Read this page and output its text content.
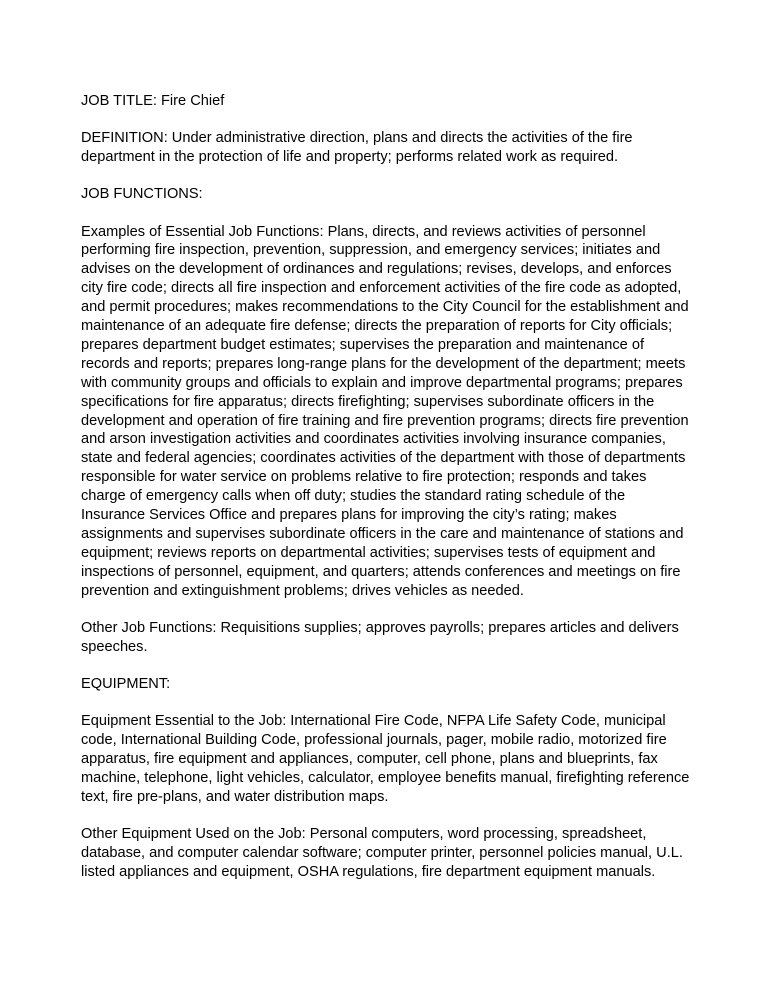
JOB TITLE: Fire Chief

DEFINITION: Under administrative direction, plans and directs the activities of the fire department in the protection of life and property; performs related work as required.

JOB FUNCTIONS:

Examples of Essential Job Functions: Plans, directs, and reviews activities of personnel performing fire inspection, prevention, suppression, and emergency services; initiates and advises on the development of ordinances and regulations; revises, develops, and enforces city fire code; directs all fire inspection and enforcement activities of the fire code as adopted, and permit procedures; makes recommendations to the City Council for the establishment and maintenance of an adequate fire defense; directs the preparation of reports for City officials; prepares department budget estimates; supervises the preparation and maintenance of records and reports; prepares long-range plans for the development of the department; meets with community groups and officials to explain and improve departmental programs; prepares specifications for fire apparatus; directs firefighting; supervises subordinate officers in the development and operation of fire training and fire prevention programs; directs fire prevention and arson investigation activities and coordinates activities involving insurance companies, state and federal agencies; coordinates activities of the department with those of departments responsible for water service on problems relative to fire protection; responds and takes charge of emergency calls when off duty; studies the standard rating schedule of the Insurance Services Office and prepares plans for improving the city’s rating; makes assignments and supervises subordinate officers in the care and maintenance of stations and equipment; reviews reports on departmental activities; supervises tests of equipment and inspections of personnel, equipment, and quarters; attends conferences and meetings on fire prevention and extinguishment problems; drives vehicles as needed.

Other Job Functions: Requisitions supplies; approves payrolls; prepares articles and delivers speeches.

EQUIPMENT:

Equipment Essential to the Job: International Fire Code, NFPA Life Safety Code, municipal code, International Building Code, professional journals, pager, mobile radio, motorized fire apparatus, fire equipment and appliances, computer, cell phone, plans and blueprints, fax machine, telephone, light vehicles, calculator, employee benefits manual, firefighting reference text, fire pre-plans, and water distribution maps.

Other Equipment Used on the Job: Personal computers, word processing, spreadsheet, database, and computer calendar software; computer printer, personnel policies manual, U.L. listed appliances and equipment, OSHA regulations, fire department equipment manuals.
